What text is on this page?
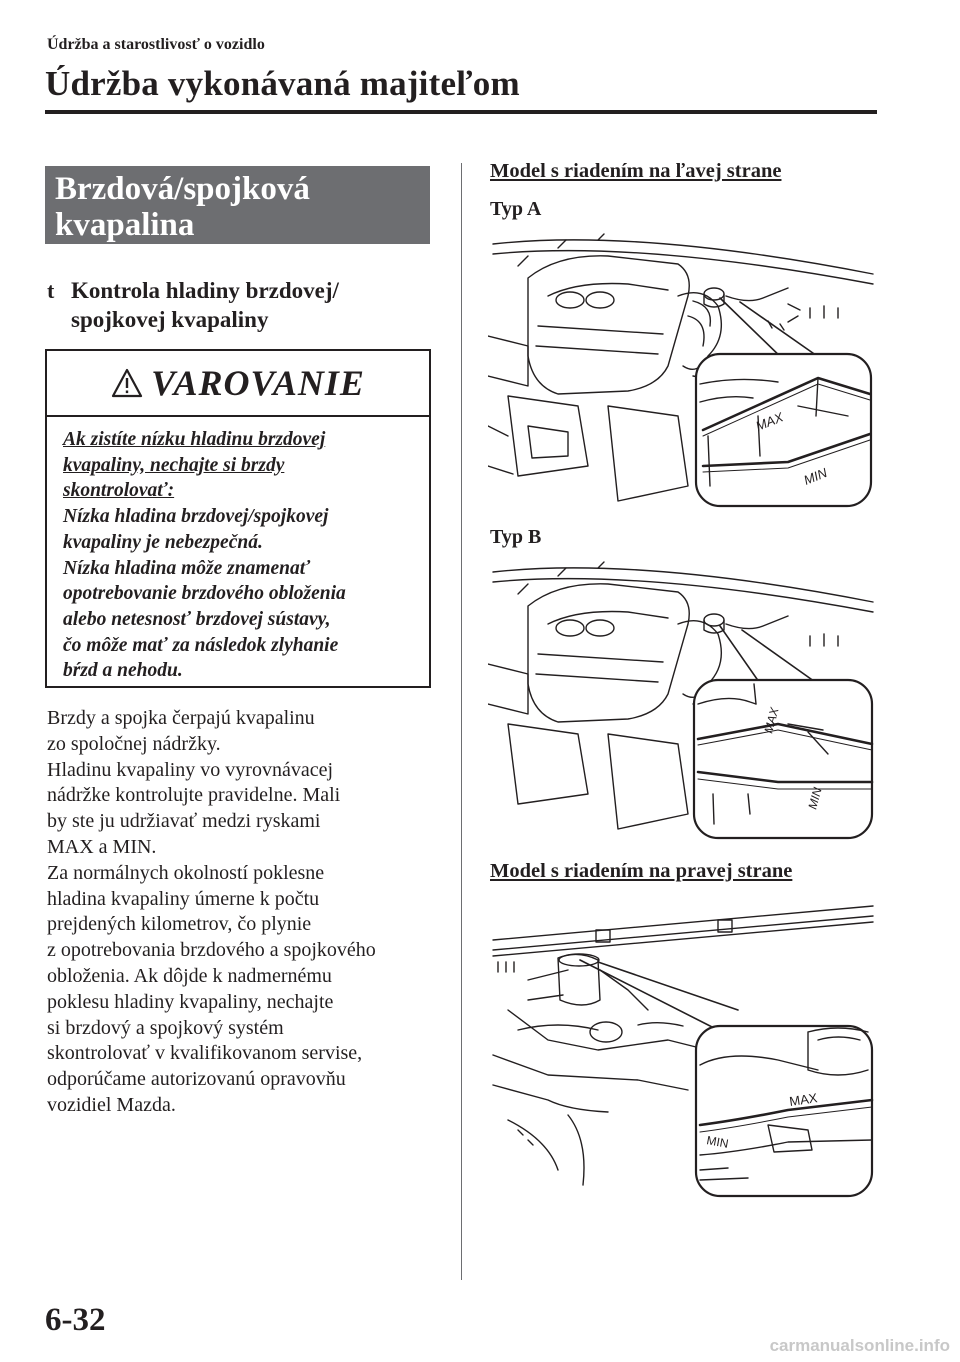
Údržba a starostlivosť o vozidlo
Údržba vykonávaná majiteľom
Brzdová/spojková
kvapalina
t Kontrola hladiny brzdovej/
spojkovej kvapaliny
VAROVANIE
Ak zistíte nízku hladinu brzdovej
kvapaliny, nechajte si brzdy
skontrolovať:
Nízka hladina brzdovej/spojkovej
kvapaliny je nebezpečná.
Nízka hladina môže znamenať
opotrebovanie brzdového obloženia
alebo netesnosť brzdovej sústavy,
čo môže mať za následok zlyhanie
bŕzd a nehodu.
Brzdy a spojka čerpajú kvapalinu
zo spoločnej nádržky.
Hladinu kvapaliny vo vyrovnávacej
nádržke kontrolujte pravidelne. Mali
by ste ju udržiavať medzi ryskami
MAX a MIN.
Za normálnych okolností poklesne
hladina kvapaliny úmerne k počtu
prejdených kilometrov, čo plynie
z opotrebovania brzdového a spojkového
obloženia. Ak dôjde k nadmernému
poklesu hladiny kvapaliny, nechajte
si brzdový a spojkový systém
skontrolovať v kvalifikovanom servise,
odporúčame autorizovanú opravovňu
vozidiel Mazda.
Model s riadením na ľavej strane
Typ A
MAX
MIN
Typ B
MAX
MIN
Model s riadením na pravej strane
MAX
MIN
6-32
carmanualsonline.info
